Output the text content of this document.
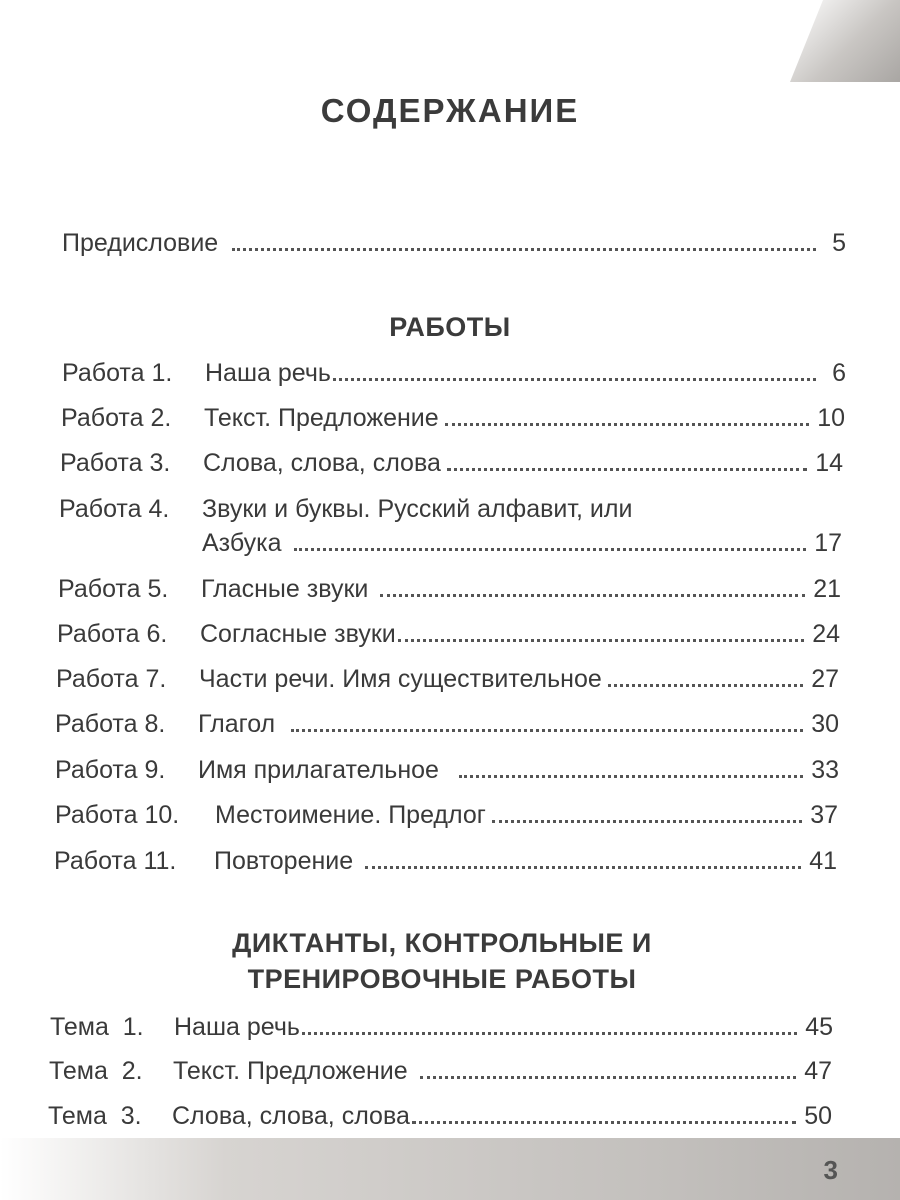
3
СОДЕРЖАНИЕ
Предисловие	5
РАБОТЫ
Работа 1.	Наша речь	6
Работа 2.	Текст. Предложение	10
Работа 3.	Слова, слова, слова	14
Работа 4.	Звуки и буквы. Русский алфавит, или
Азбука	17
Работа 5.	Гласные звуки	21
Работа 6.	Согласные звуки	24
Работа 7.	Части речи. Имя существительное	27
Работа 8.	Глагол	30
Работа 9.	Имя прилагательное	33
Работа 10.	Местоимение. Предлог	37
Работа 11.	Повторение	41
ДИКТАНТЫ, КОНТРОЛЬНЫЕ И
ТРЕНИРОВОЧНЫЕ РАБОТЫ
Тема  1.	Наша речь	45
Тема  2.	Текст. Предложение	47
Тема  3.	Слова, слова, слова	50
